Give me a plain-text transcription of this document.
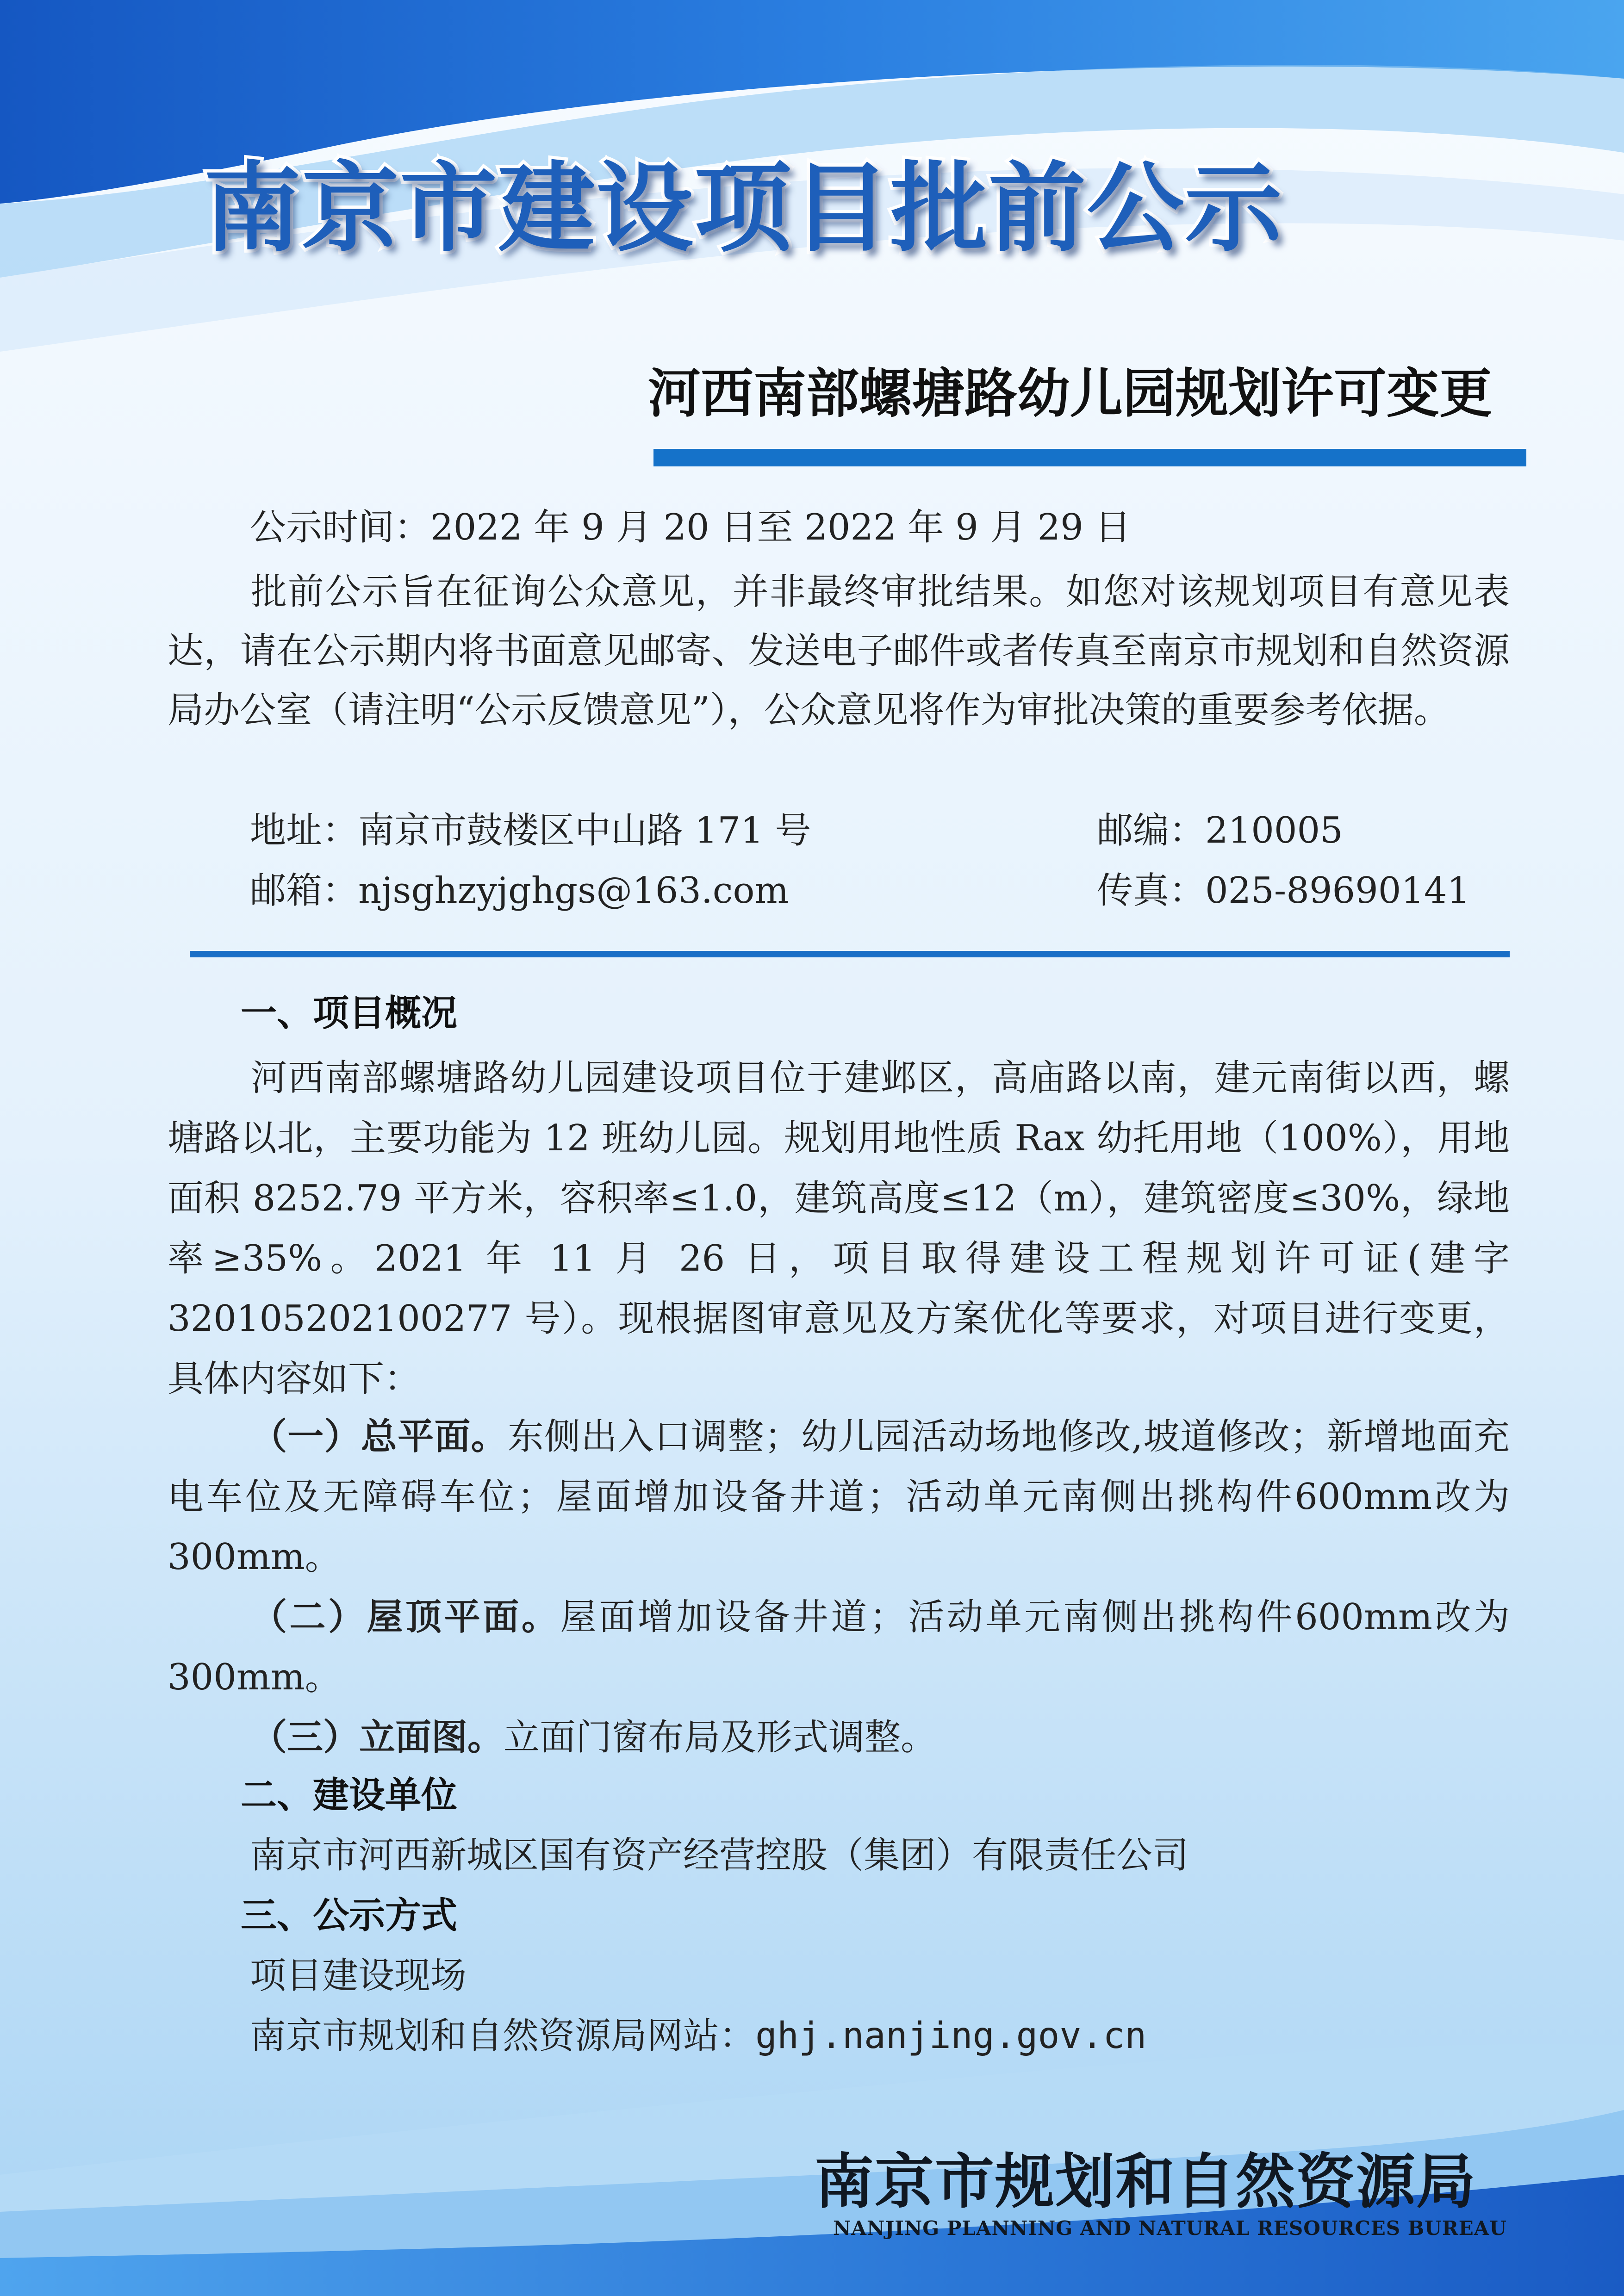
南京市建设项目批前公示
河西南部螺塘路幼儿园规划许可变更
公示时间：2022 年 9 月 20 日至 2022 年 9 月 29 日
批前公示旨在征询公众意见，并非最终审批结果。如您对该规划项目有意见表达，请在公示期内将书面意见邮寄、发送电子邮件或者传真至南京市规划和自然资源局办公室（请注明“公示反馈意见”），公众意见将作为审批决策的重要参考依据。
地址：南京市鼓楼区中山路 171 号	邮编：210005
邮箱：njsghzyjghgs@163.com	传真：025-89690141
一、项目概况
河西南部螺塘路幼儿园建设项目位于建邺区，高庙路以南，建元南街以西，螺塘路以北，主要功能为 12 班幼儿园。规划用地性质 Rax 幼托用地（100%），用地面积 8252.79 平方米，容积率≤1.0，建筑高度≤12（m），建筑密度≤30%，绿地率≥35%。2021 年 11 月 26 日，项目取得建设工程规划许可证(建字 320105202100277 号）。现根据图审意见及方案优化等要求，对项目进行变更，具体内容如下：
（一）总平面。东侧出入口调整；幼儿园活动场地修改,坡道修改；新增地面充电车位及无障碍车位；屋面增加设备井道；活动单元南侧出挑构件600mm改为300mm。
（二）屋顶平面。屋面增加设备井道；活动单元南侧出挑构件600mm改为300mm。
（三）立面图。立面门窗布局及形式调整。
二、建设单位
南京市河西新城区国有资产经营控股（集团）有限责任公司
三、公示方式
项目建设现场
南京市规划和自然资源局网站：ghj.nanjing.gov.cn
南京市规划和自然资源局
NANJING PLANNING AND NATURAL RESOURCES BUREAU
